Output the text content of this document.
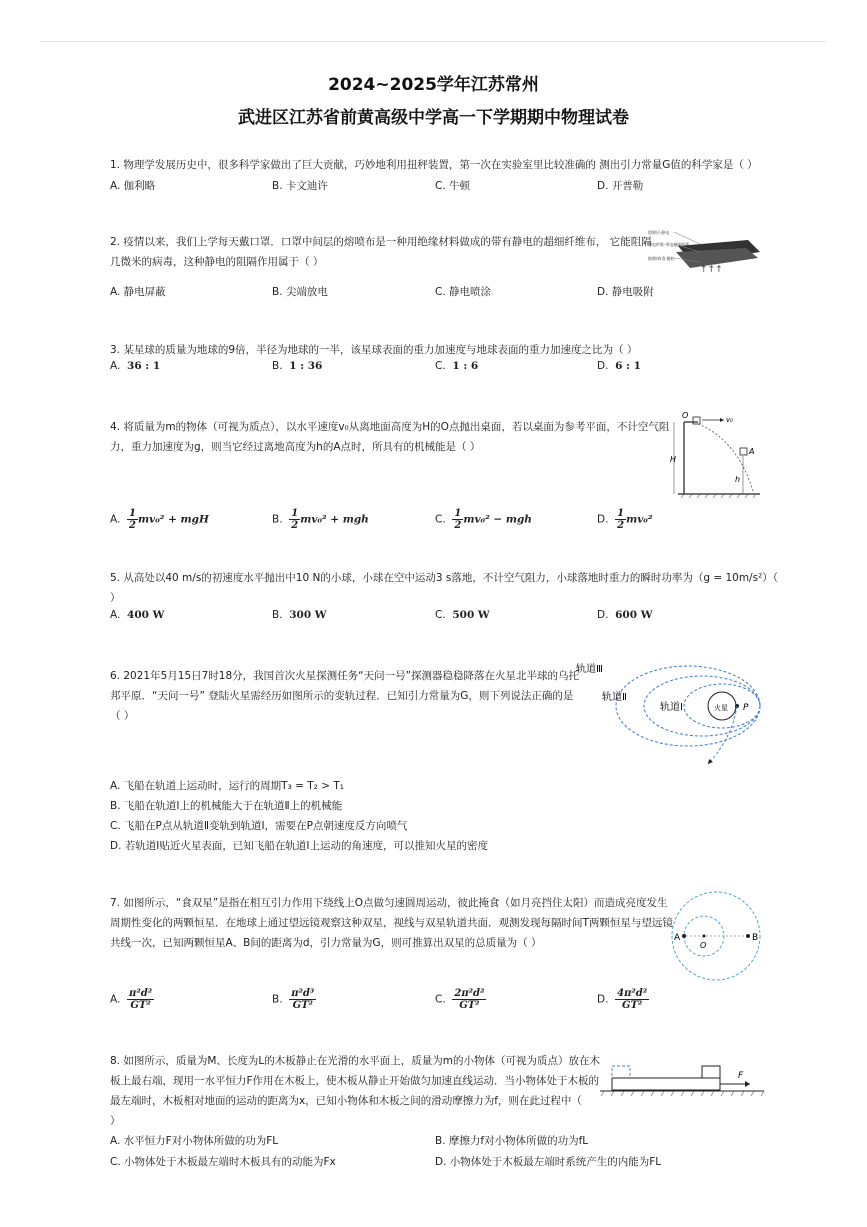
2024~2025学年江苏常州
武进区江苏省前黄高级中学高一下学期期中物理试卷
1. 物理学发展历史中，很多科学家做出了巨大贡献，巧妙地利用扭秤装置，第一次在实验室里比较准确的 测出引力常量G值的科学家是（ ）
A. 伽利略	B. 卡文迪许	C. 牛顿	D. 开普勒
2. 疫情以来，我们上学每天戴口罩．口罩中间层的熔喷布是一种用绝缘材料做成的带有静电的超细纤维布， 它能阻隔
几微米的病毒，这种静电的阻隔作用属于（ ）
A. 静电屏蔽	B. 尖端放电	C. 静电喷涂	D. 静电吸附
熔喷层·静电
带电纤维·带电超细纤维
细菌/病毒·微粒
↑↑↑
3. 某星球的质量为地球的9倍，半径为地球的一半，该星球表面的重力加速度与地球表面的重力加速度之比为（ ）
A. 36 : 1	B. 1 : 36	C. 1 : 6	D. 6 : 1
4. 将质量为m的物体（可视为质点），以水平速度v₀从离地面高度为H的O点抛出桌面，若以桌面为参考平面，不计空气阻
力，重力加速度为g，则当它经过离地高度为h的A点时，所具有的机械能是（ ）
O	v₀
A
H
h
A. $\frac{1}{2} mv_0^2$ + mgH	B. $\frac{1}{2} mv_0^2$ + mgh	C. $\frac{1}{2} mv_0^2$ − mgh	D. $\frac{1}{2} mv_0^2$
5. 从高处以40 m/s的初速度水平抛出中10 N的小球，小球在空中运动3 s落地，不计空气阻力，小球落地时重力的瞬时功率为（g = 10m/s²）（
）
A. 400 W	B. 300 W	C. 500 W	D. 600 W
6. 2021年5月15日7时18分，我国首次火星探测任务“天问一号”探测器稳稳降落在火星北半球的乌托
邦平原．“天问一号” 登陆火星需经历如图所示的变轨过程．已知引力常量为G，则下列说法正确的是
（ ）
轨道Ⅲ
轨道Ⅱ
轨道Ⅰ	火星 P
A. 飞船在轨道上运动时，运行的周期T₃ = T₂ > T₁
B. 飞船在轨道Ⅰ上的机械能大于在轨道Ⅱ上的机械能
C. 飞船在P点从轨道Ⅱ变轨到轨道Ⅰ，需要在P点朝速度反方向喷气
D. 若轨道Ⅰ贴近火星表面，已知飞船在轨道Ⅰ上运动的角速度，可以推知火星的密度
7. 如图所示，“食双星”是指在相互引力作用下绕线上O点做匀速圆周运动，彼此掩食（如月亮挡住太阳）而造成亮度发生
周期性变化的两颗恒星．在地球上通过望远镜观察这种双星，视线与双星轨道共面．观测发现每隔时间T两颗恒星与望远镜
共线一次，已知两颗恒星A、B间的距离为d，引力常量为G，则可推算出双星的总质量为（ ）	A
O
B
A. $\frac{\text{π²d²}}{\text{GT²}}$	B. $\frac{\text{π²d³}}{\text{GT²}}$	C. $\frac{\text{2π²d²}}{\text{GT²}}$	D. $\frac{\text{4π²d²}}{\text{GT²}}$
8. 如图所示，质量为M、长度为L的木板静止在光滑的水平面上，质量为m的小物体（可视为质点）放在木
板上最右端，现用一水平恒力F作用在木板上，使木板从静止开始做匀加速直线运动．当小物体处于木板的
最左端时，木板相对地面的运动的距离为x，已知小物体和木板之间的滑动摩擦力为f，则在此过程中（
）
F
A. 水平恒力F对小物体所做的功为FL	B. 摩擦力f对小物体所做的功为fL
C. 小物体处于木板最左端时木板具有的动能为Fx	D. 小物体处于木板最左端时系统产生的内能为FL
